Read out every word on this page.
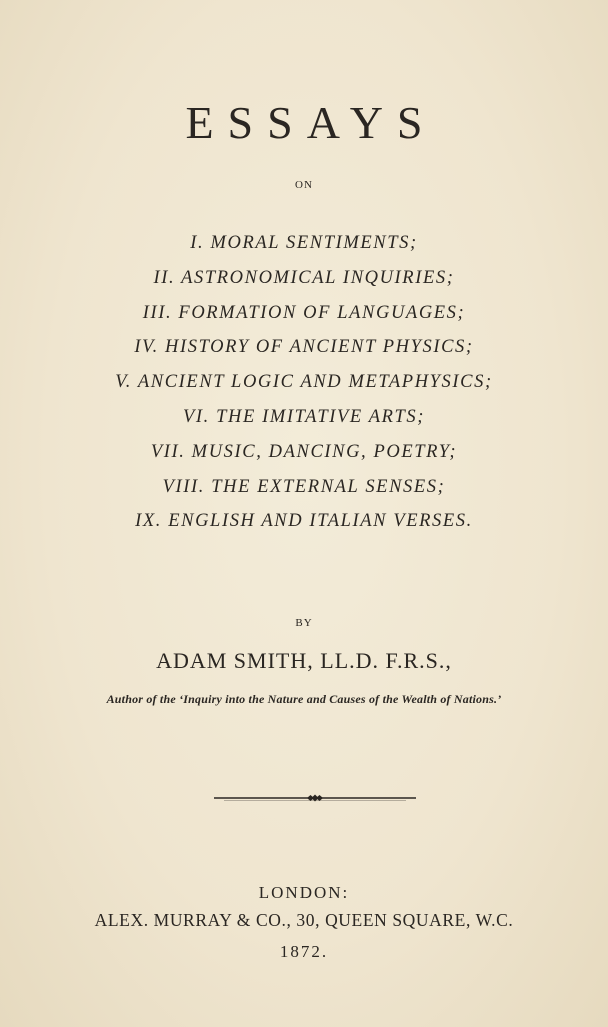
ESSAYS
ON
I. MORAL SENTIMENTS;
II. ASTRONOMICAL INQUIRIES;
III. FORMATION OF LANGUAGES;
IV. HISTORY OF ANCIENT PHYSICS;
V. ANCIENT LOGIC AND METAPHYSICS;
VI. THE IMITATIVE ARTS;
VII. MUSIC, DANCING, POETRY;
VIII. THE EXTERNAL SENSES;
IX. ENGLISH AND ITALIAN VERSES.
BY
ADAM SMITH, LL.D. F.R.S.,
Author of the ‘Inquiry into the Nature and Causes of the Wealth of Nations.’
LONDON:
ALEX. MURRAY & CO., 30, QUEEN SQUARE, W.C.
1872.
